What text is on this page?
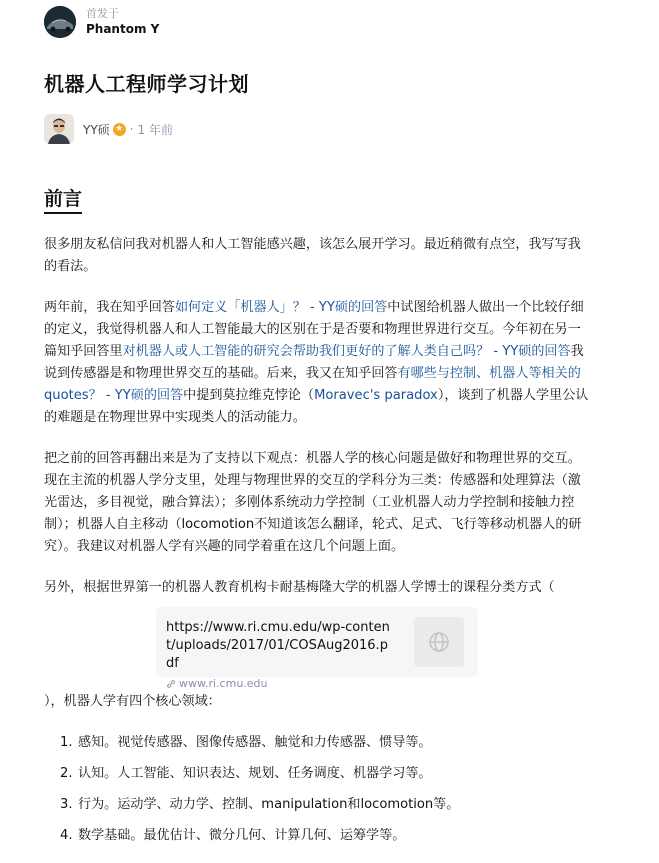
首发于
Phantom Y
机器人工程师学习计划
YY硕 ★ · 1 年前
前言

很多朋友私信问我对机器人和人工智能感兴趣，该怎么展开学习。最近稍微有点空，我写写我的看法。

两年前，我在知乎回答如何定义「机器人」？ - YY硕的回答中试图给机器人做出一个比较仔细的定义，我觉得机器人和人工智能最大的区别在于是否要和物理世界进行交互。今年初在另一篇知乎回答里对机器人或人工智能的研究会帮助我们更好的了解人类自己吗？ - YY硕的回答我说到传感器是和物理世界交互的基础。后来，我又在知乎回答有哪些与控制、机器人等相关的 quotes？ - YY硕的回答中提到莫拉维克悖论（Moravec's paradox），谈到了机器人学里公认的难题是在物理世界中实现类人的活动能力。

把之前的回答再翻出来是为了支持以下观点：机器人学的核心问题是做好和物理世界的交互。现在主流的机器人学分支里，处理与物理世界的交互的学科分为三类：传感器和处理算法（激光雷达，多目视觉，融合算法）；多刚体系统动力学控制（工业机器人动力学控制和接触力控制）；机器人自主移动（locomotion不知道该怎么翻译，轮式、足式、飞行等移动机器人的研究）。我建议对机器人学有兴趣的同学着重在这几个问题上面。

另外，根据世界第一的机器人教育机构卡耐基梅隆大学的机器人学博士的课程分类方式（

https://www.ri.cmu.edu/wp-content/uploads/2017/01/COSAug2016.pdf
www.ri.cmu.edu

），机器人学有四个核心领域：

1. 感知。视觉传感器、图像传感器、触觉和力传感器、惯导等。
2. 认知。人工智能、知识表达、规划、任务调度、机器学习等。
3. 行为。运动学、动力学、控制、manipulation和locomotion等。
4. 数学基础。最优估计、微分几何、计算几何、运筹学等。
